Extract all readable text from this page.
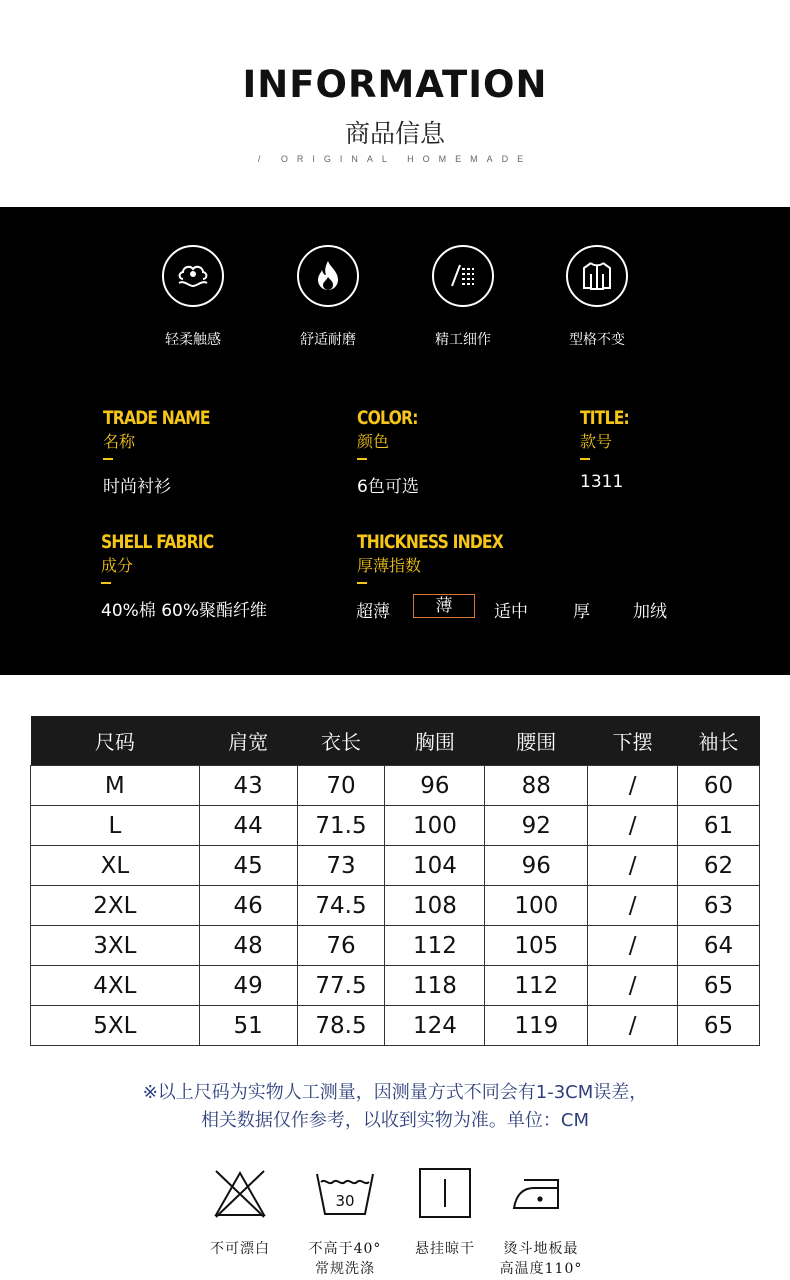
INFORMATION
商品信息
/ ORIGINAL HOMEMADE
轻柔触感	舒适耐磨	精工细作	型格不变
TRADE NAME
名称
时尚衬衫
COLOR:
颜色
6色可选
TITLE:
款号
1311
SHELL FABRIC
成分
40%棉 60%聚酯纤维
THICKNESS INDEX
厚薄指数
超薄	薄	适中	厚	加绒
尺码	肩宽	衣长	胸围	腰围	下摆	袖长
M	43	70	96	88	/	60
L	44	71.5	100	92	/	61
XL	45	73	104	96	/	62
2XL	46	74.5	108	100	/	63
3XL	48	76	112	105	/	64
4XL	49	77.5	118	112	/	65
5XL	51	78.5	124	119	/	65
※以上尺码为实物人工测量，因测量方式不同会有1-3CM误差，
相关数据仅作参考，以收到实物为准。单位：CM
不可漂白
30
不高于40°
常规洗涤
悬挂晾干	烫斗地板最
高温度110°
